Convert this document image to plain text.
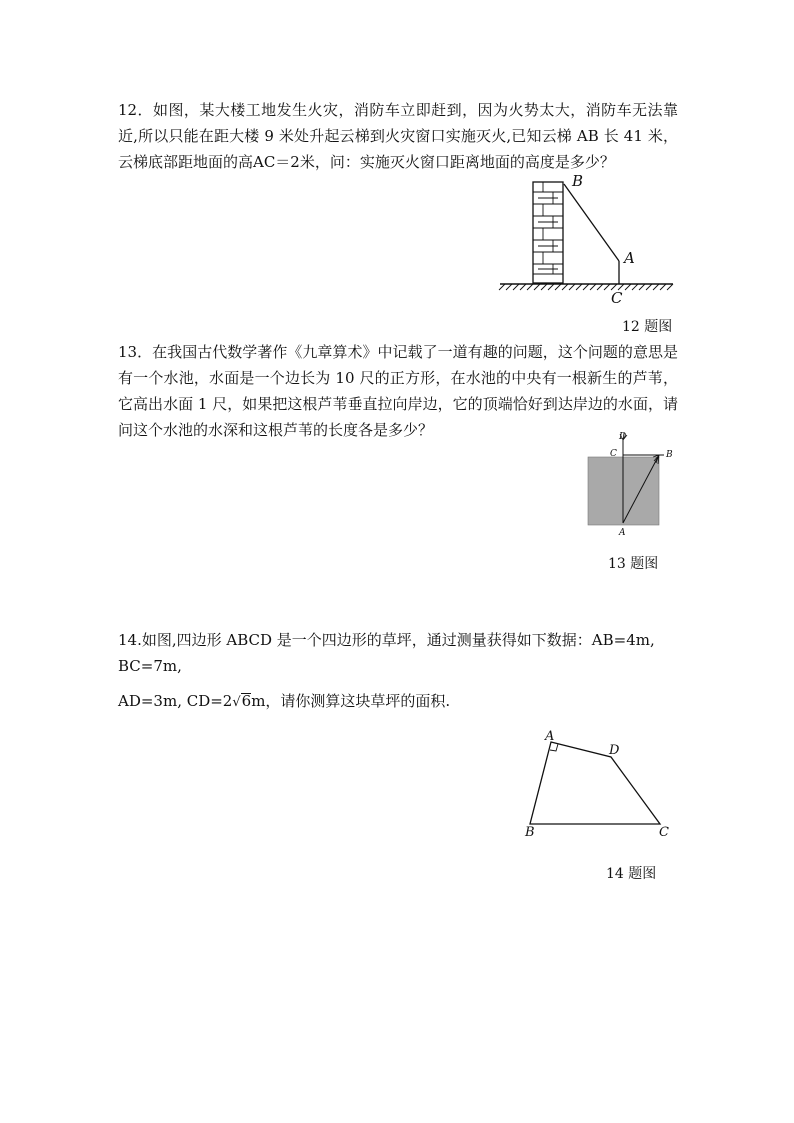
12．如图，某大楼工地发生火灾，消防车立即赶到，因为火势太大，消防车无法靠近,所以只能在距大楼 9 米处升起云梯到火灾窗口实施灭火,已知云梯 AB 长 41 米，云梯底部距地面的高AC＝2米，问：实施灭火窗口距离地面的高度是多少？

B
A
C
12 题图

13．在我国古代数学著作《九章算术》中记载了一道有趣的问题，这个问题的意思是有一个水池，水面是一个边长为 10 尺的正方形，在水池的中央有一根新生的芦苇，它高出水面 1 尺，如果把这根芦苇垂直拉向岸边，它的顶端恰好到达岸边的水面，请问这个水池的水深和这根芦苇的长度各是多少？	D
C	B
A
13 题图
14.如图,四边形 ABCD 是一个四边形的草坪，通过测量获得如下数据：AB=4m,
BC=7m,
AD=3m, CD=2√6m，请你测算这块草坪的面积.
A
D
B	C
14 题图
